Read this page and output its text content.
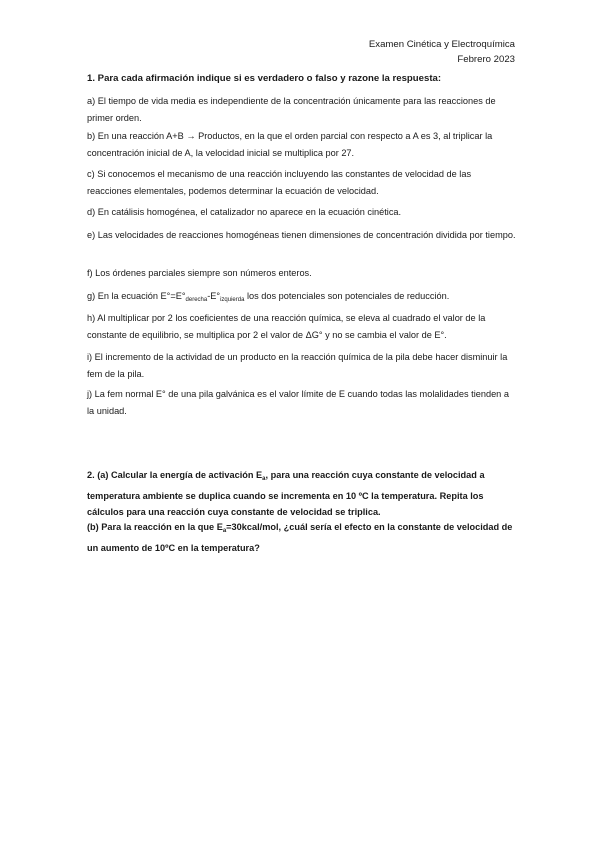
Examen Cinética y Electroquímica
Febrero 2023
1. Para cada afirmación indique si es verdadero o falso y razone la respuesta:
a) El tiempo de vida media es independiente de la concentración únicamente para las reacciones de primer orden.
b) En una reacción A+B → Productos, en la que el orden parcial con respecto a A es 3, al triplicar la concentración inicial de A, la velocidad inicial se multiplica por 27.
c) Si conocemos el mecanismo de una reacción incluyendo las constantes de velocidad de las reacciones elementales, podemos determinar la ecuación de velocidad.
d) En catálisis homogénea, el catalizador no aparece en la ecuación cinética.
e) Las velocidades de reacciones homogéneas tienen dimensiones de concentración dividida por tiempo.
f) Los órdenes parciales siempre son números enteros.
g) En la ecuación $E^\circ=E^\circ_{derecha}-E^\circ_{izquierda}$ los dos potenciales son potenciales de reducción.
h) Al multiplicar por 2 los coeficientes de una reacción química, se eleva al cuadrado el valor de la constante de equilibrio, se multiplica por 2 el valor de ΔG° y no se cambia el valor de E°.
i) El incremento de la actividad de un producto en la reacción química de la pila debe hacer disminuir la fem de la pila.
j) La fem normal E° de una pila galvánica es el valor límite de E cuando todas las molalidades tienden a la unidad.
2. (a) Calcular la energía de activación $E_a$, para una reacción cuya constante de velocidad a temperatura ambiente se duplica cuando se incrementa en 10 ºC la temperatura. Repita los cálculos para una reacción cuya constante de velocidad se triplica.
(b) Para la reacción en la que $E_a=30kcal$/mol, ¿cuál sería el efecto en la constante de velocidad de un aumento de 10ºC en la temperatura?
